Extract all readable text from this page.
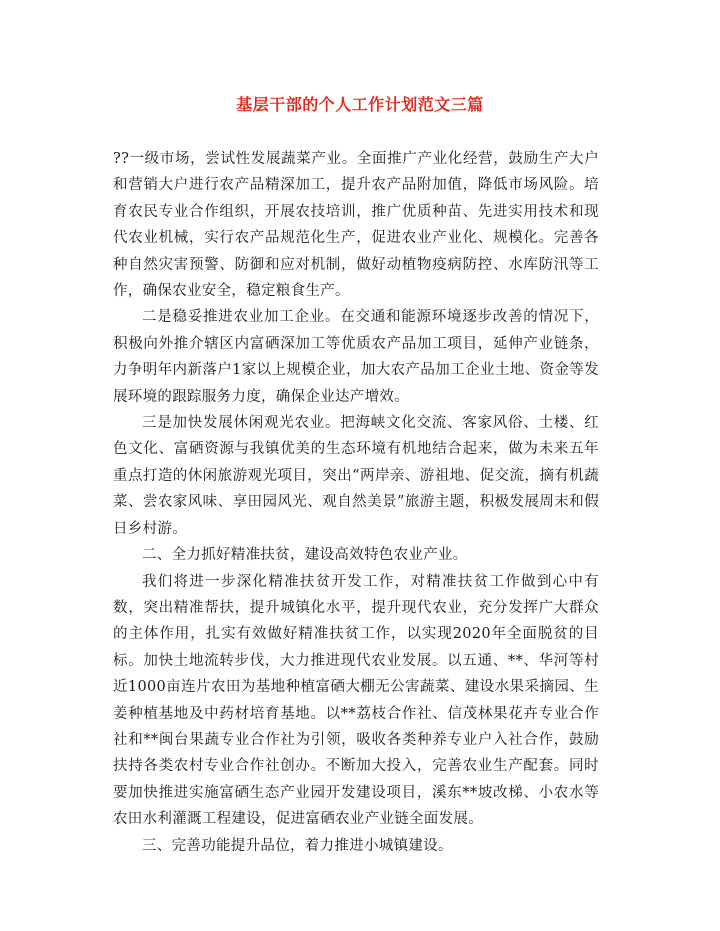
基层干部的个人工作计划范文三篇

??一级市场，尝试性发展蔬菜产业。全面推广产业化经营，鼓励生产大户和营销大户进行农产品精深加工，提升农产品附加值，降低市场风险。培育农民专业合作组织，开展农技培训，推广优质种苗、先进实用技术和现代农业机械，实行农产品规范化生产，促进农业产业化、规模化。完善各种自然灾害预警、防御和应对机制，做好动植物疫病防控、水库防汛等工作，确保农业安全，稳定粮食生产。

二是稳妥推进农业加工企业。在交通和能源环境逐步改善的情况下，积极向外推介辖区内富硒深加工等优质农产品加工项目，延伸产业链条，力争明年内新落户1家以上规模企业，加大农产品加工企业土地、资金等发展环境的跟踪服务力度，确保企业达产增效。

三是加快发展休闲观光农业。把海峡文化交流、客家风俗、土楼、红色文化、富硒资源与我镇优美的生态环境有机地结合起来，做为未来五年重点打造的休闲旅游观光项目，突出“两岸亲、游祖地、促交流，摘有机蔬菜、尝农家风味、享田园风光、观自然美景”旅游主题，积极发展周末和假日乡村游。

二、全力抓好精准扶贫，建设高效特色农业产业。

我们将进一步深化精准扶贫开发工作，对精准扶贫工作做到心中有数，突出精准帮扶，提升城镇化水平，提升现代农业，充分发挥广大群众的主体作用，扎实有效做好精准扶贫工作，以实现2020年全面脱贫的目标。加快土地流转步伐，大力推进现代农业发展。以五通、**、华河等村近1000亩连片农田为基地种植富硒大棚无公害蔬菜、建设水果采摘园、生姜种植基地及中药材培育基地。以**荔枝合作社、信茂林果花卉专业合作社和**闽台果蔬专业合作社为引领，吸收各类种养专业户入社合作，鼓励扶持各类农村专业合作社创办。不断加大投入，完善农业生产配套。同时要加快推进实施富硒生态产业园开发建设项目，溪东**坡改梯、小农水等农田水利灌溉工程建设，促进富硒农业产业链全面发展。

三、完善功能提升品位，着力推进小城镇建设。
